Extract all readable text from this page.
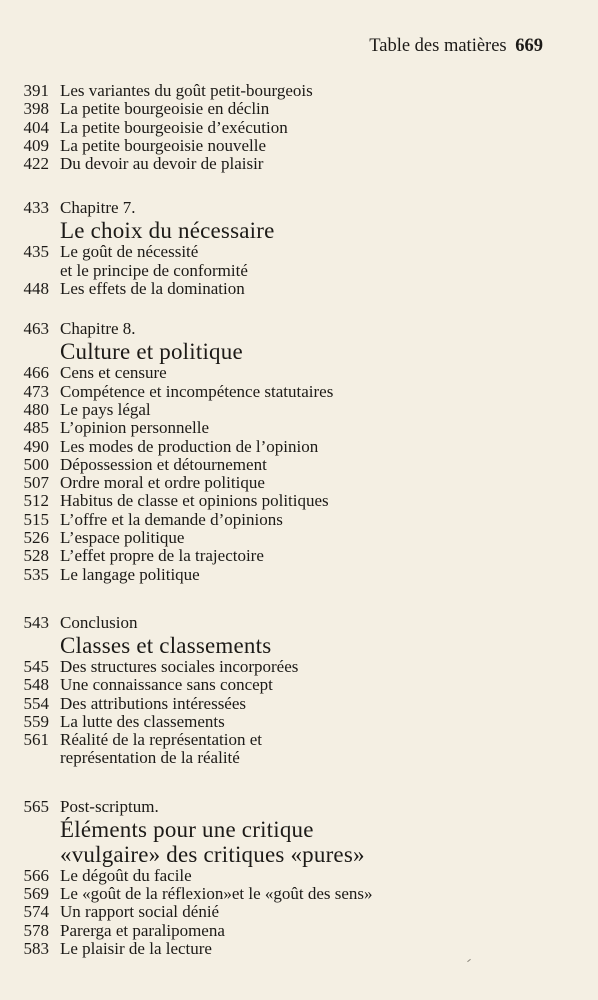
Table des matières 669
391 Les variantes du goût petit-bourgeois
398 La petite bourgeoisie en déclin
404 La petite bourgeoisie d’exécution
409 La petite bourgeoisie nouvelle
422 Du devoir au devoir de plaisir
433 Chapitre 7.
Le choix du nécessaire
435 Le goût de nécessité
et le principe de conformité
448 Les effets de la domination
463 Chapitre 8.
Culture et politique
466 Cens et censure
473 Compétence et incompétence statutaires
480 Le pays légal
485 L’opinion personnelle
490 Les modes de production de l’opinion
500 Dépossession et détournement
507 Ordre moral et ordre politique
512 Habitus de classe et opinions politiques
515 L’offre et la demande d’opinions
526 L’espace politique
528 L’effet propre de la trajectoire
535 Le langage politique
543 Conclusion
Classes et classements
545 Des structures sociales incorporées
548 Une connaissance sans concept
554 Des attributions intéressées
559 La lutte des classements
561 Réalité de la représentation et
représentation de la réalité
565 Post-scriptum.
Éléments pour une critique
«vulgaire» des critiques «pures»
566 Le dégoût du facile
569 Le «goût de la réflexion»et le «goût des sens»
574 Un rapport social dénié
578 Parerga et paralipomena
583 Le plaisir de la lecture
